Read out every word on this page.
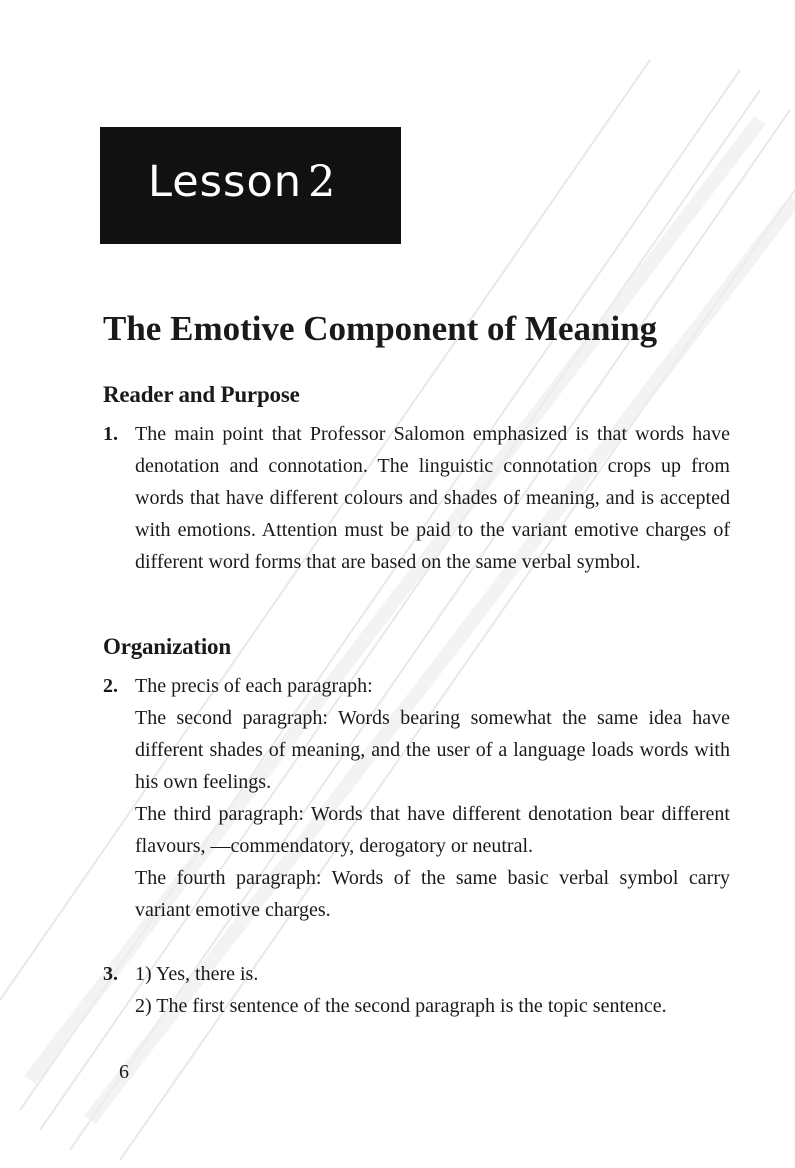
Lesson 2
The Emotive Component of Meaning
Reader and Purpose
1. The main point that Professor Salomon emphasized is that words have denotation and connotation. The linguistic connotation crops up from words that have different colours and shades of meaning, and is accepted with emotions. Attention must be paid to the variant emotive charges of different word forms that are based on the same verbal symbol.
Organization
2. The precis of each paragraph:
The second paragraph: Words bearing somewhat the same idea have different shades of meaning, and the user of a language loads words with his own feelings.
The third paragraph: Words that have different denotation bear different flavours, —commendatory, derogatory or neutral.
The fourth paragraph: Words of the same basic verbal symbol carry variant emotive charges.
3. 1) Yes, there is.
2) The first sentence of the second paragraph is the topic sentence.
6
